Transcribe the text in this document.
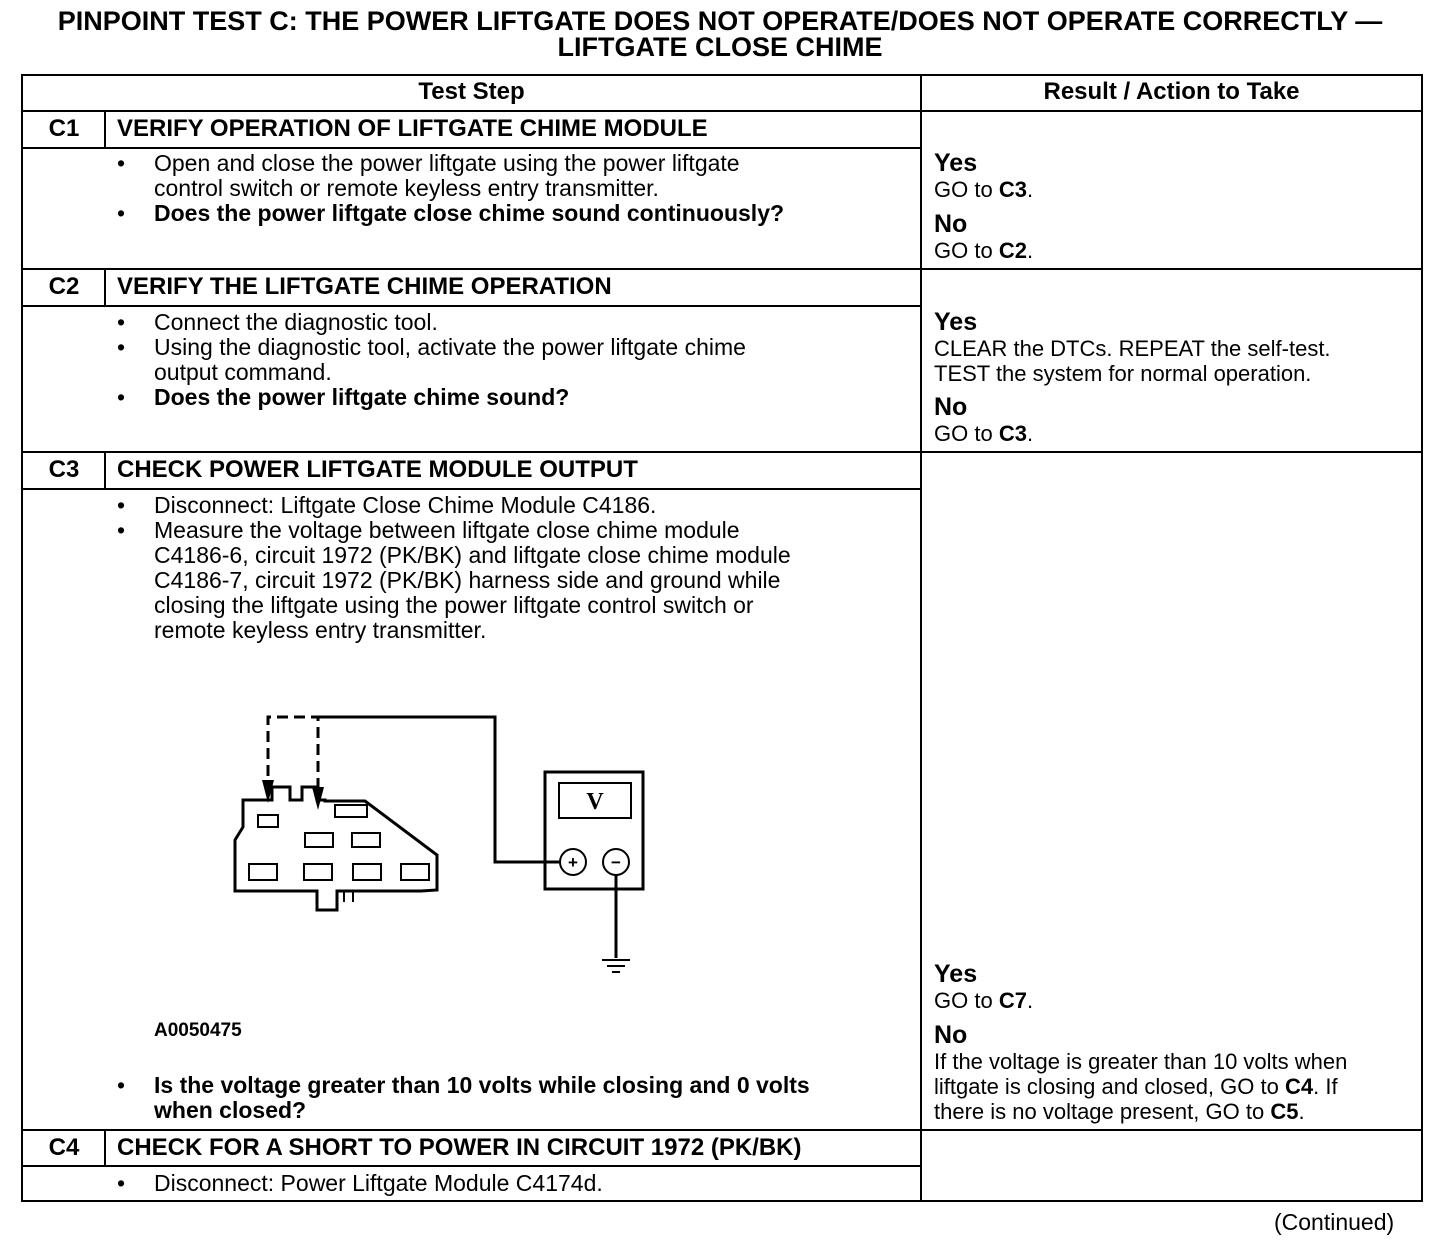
PINPOINT TEST C: THE POWER LIFTGATE DOES NOT OPERATE/DOES NOT OPERATE CORRECTLY —
LIFTGATE CLOSE CHIME
Test Step	Result / Action to Take
C1	VERIFY OPERATION OF LIFTGATE CHIME MODULE
• Open and close the power liftgate using the power liftgate
control switch or remote keyless entry transmitter.
• Does the power liftgate close chime sound continuously?
Yes
GO to C3.
No
GO to C2.
C2	VERIFY THE LIFTGATE CHIME OPERATION
• Connect the diagnostic tool.
• Using the diagnostic tool, activate the power liftgate chime
output command.
• Does the power liftgate chime sound?
Yes
CLEAR the DTCs. REPEAT the self-test.
TEST the system for normal operation.
No
GO to C3.
C3	CHECK POWER LIFTGATE MODULE OUTPUT
• Disconnect: Liftgate Close Chime Module C4186.
• Measure the voltage between liftgate close chime module
C4186-6, circuit 1972 (PK/BK) and liftgate close chime module
C4186-7, circuit 1972 (PK/BK) harness side and ground while
closing the liftgate using the power liftgate control switch or
remote keyless entry transmitter.
V
+ −
A0050475
• Is the voltage greater than 10 volts while closing and 0 volts
when closed?
Yes
GO to C7.
No
If the voltage is greater than 10 volts when
liftgate is closing and closed, GO to C4. If
there is no voltage present, GO to C5.
C4	CHECK FOR A SHORT TO POWER IN CIRCUIT 1972 (PK/BK)
• Disconnect: Power Liftgate Module C4174d.
(Continued)
